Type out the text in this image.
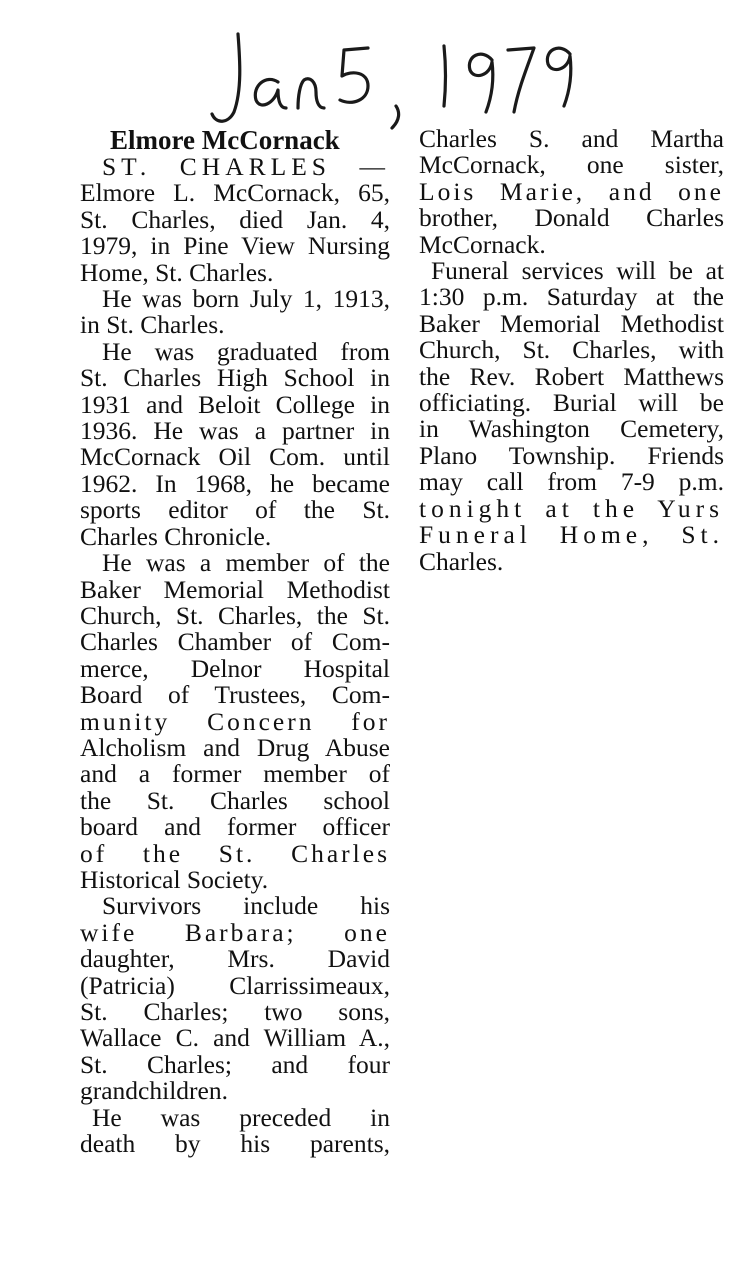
Elmore McCornack
ST. CHARLES —
Elmore L. McCornack, 65,
St. Charles, died Jan. 4,
1979, in Pine View Nursing
Home, St. Charles.
He was born July 1, 1913,
in St. Charles.
He was graduated from
St. Charles High School in
1931 and Beloit College in
1936. He was a partner in
McCornack Oil Com. until
1962. In 1968, he became
sports editor of the St.
Charles Chronicle.
He was a member of the
Baker Memorial Methodist
Church, St. Charles, the St.
Charles Chamber of Com-
merce, Delnor Hospital
Board of Trustees, Com-
munity Concern for
Alcholism and Drug Abuse
and a former member of
the St. Charles school
board and former officer
of the St. Charles
Historical Society.
Survivors include his
wife Barbara; one
daughter, Mrs. David
(Patricia) Clarrissimeaux,
St. Charles; two sons,
Wallace C. and William A.,
St. Charles; and four
grandchildren.
He was preceded in
death by his parents,
Charles S. and Martha
McCornack, one sister,
Lois Marie, and one
brother, Donald Charles
McCornack.
Funeral services will be at
1:30 p.m. Saturday at the
Baker Memorial Methodist
Church, St. Charles, with
the Rev. Robert Matthews
officiating. Burial will be
in Washington Cemetery,
Plano Township. Friends
may call from 7-9 p.m.
tonight at the Yurs
Funeral Home, St.
Charles.
